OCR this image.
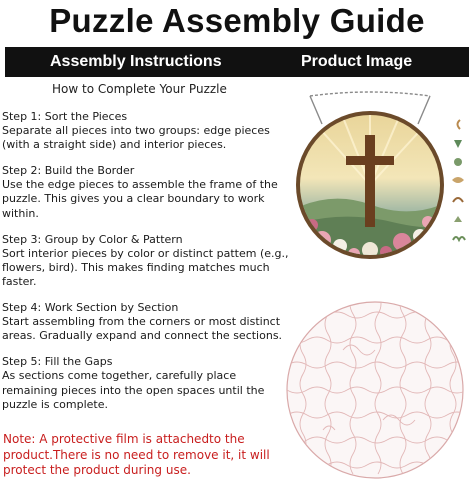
Puzzle Assembly Guide
Assembly Instructions	Product Image
How to Complete Your Puzzle

Step 1: Sort the Pieces

Separate all pieces into two groups: edge pieces (with a straight side) and interior pieces.

Step 2: Build the Border

Use the edge pieces to assemble the frame of the puzzle. This gives you a clear boundary to work within.

Step 3: Group by Color & Pattern

Sort interior pieces by color or distinct pattem (e.g., flowers, bird). This makes finding matches much faster.

Step 4: Work Section by Section

Start assembling from the corners or most distinct areas. Gradually expand and connect the sections.

Step 5: Fill the Gaps

As sections come together, carefully place remaining pieces into the open spaces until the puzzle is complete.

Note: A protective film is attachedto the product.There is no need to remove it, it will protect the product during use.
